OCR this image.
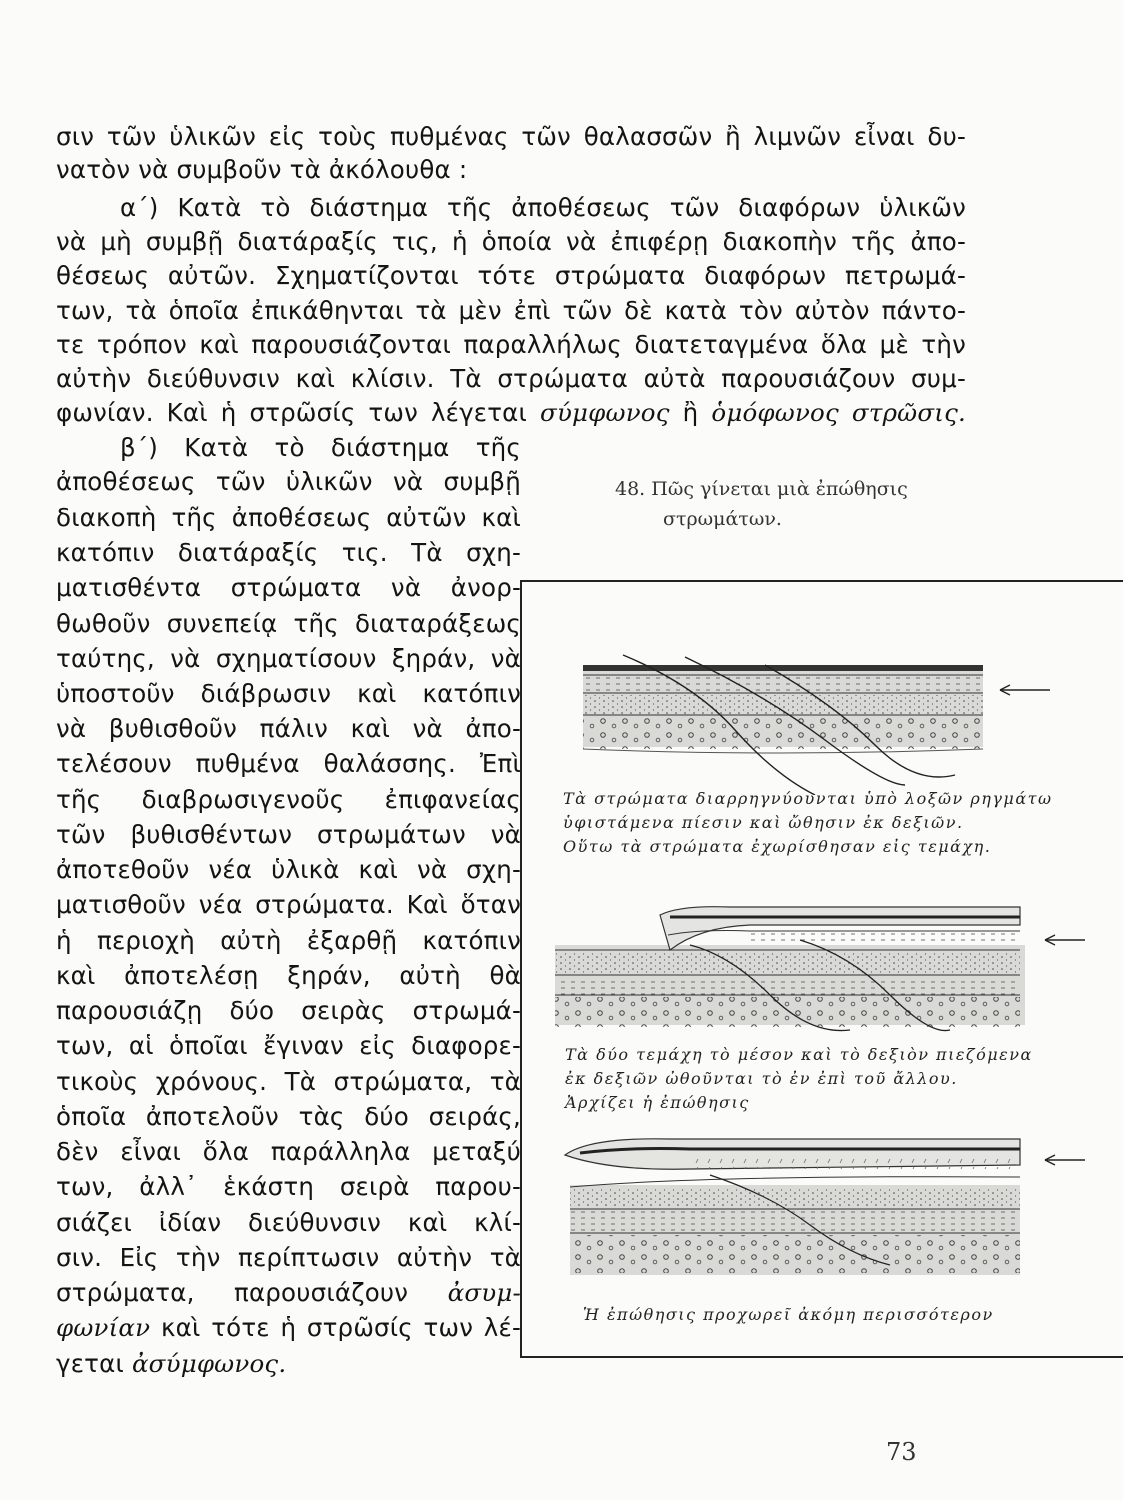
σιν τῶν ὑλικῶν εἰς τοὺς πυθμένας τῶν θαλασσῶν ἢ λιμνῶν εἶναι δυ-
νατὸν νὰ συμβοῦν τὰ ἀκόλουθα :
α΄) Κατὰ τὸ διάστημα τῆς ἀποθέσεως τῶν διαφόρων ὑλικῶν
νὰ μὴ συμβῇ διατάραξίς τις, ἡ ὁποία νὰ ἐπιφέρῃ διακοπὴν τῆς ἀπο-
θέσεως αὐτῶν. Σχηματίζονται τότε στρώματα διαφόρων πετρωμά-
των, τὰ ὁποῖα ἐπικάθηνται τὰ μὲν ἐπὶ τῶν δὲ κατὰ τὸν αὐτὸν πάντο-
τε τρόπον καὶ παρουσιάζονται παραλλήλως διατεταγμένα ὅλα μὲ τὴν
αὐτὴν διεύθυνσιν καὶ κλίσιν. Τὰ στρώματα αὐτὰ παρουσιάζουν συμ-
φωνίαν. Καὶ ἡ στρῶσίς των λέγεται σύμφωνος ἢ ὁμόφωνος στρῶσις.
β΄) Κατὰ τὸ διάστημα τῆς
ἀποθέσεως τῶν ὑλικῶν νὰ συμβῇ
διακοπὴ τῆς ἀποθέσεως αὐτῶν καὶ
κατόπιν διατάραξίς τις. Τὰ σχη-
ματισθέντα στρώματα νὰ ἀνορ-
θωθοῦν συνεπείᾳ τῆς διαταράξεως
ταύτης, νὰ σχηματίσουν ξηράν, νὰ
ὑποστοῦν διάβρωσιν καὶ κατόπιν
νὰ βυθισθοῦν πάλιν καὶ νὰ ἀπο-
τελέσουν πυθμένα θαλάσσης. Ἐπὶ
τῆς διαβρωσιγενοῦς ἐπιφανείας
τῶν βυθισθέντων στρωμάτων νὰ
ἀποτεθοῦν νέα ὑλικὰ καὶ νὰ σχη-
ματισθοῦν νέα στρώματα. Καὶ ὅταν
ἡ περιοχὴ αὐτὴ ἐξαρθῇ κατόπιν
καὶ ἀποτελέσῃ ξηράν, αὐτὴ θὰ
παρουσιάζῃ δύο σειρὰς στρωμά-
των, αἱ ὁποῖαι ἔγιναν εἰς διαφορε-
τικοὺς χρόνους. Τὰ στρώματα, τὰ
ὁποῖα ἀποτελοῦν τὰς δύο σειράς,
δὲν εἶναι ὅλα παράλληλα μεταξύ
των, ἀλλ᾽ ἑκάστη σειρὰ παρου-
σιάζει ἰδίαν διεύθυνσιν καὶ κλί-
σιν. Εἰς τὴν περίπτωσιν αὐτὴν τὰ
στρώματα, παρουσιάζουν ἀσυμ-
φωνίαν καὶ τότε ἡ στρῶσίς των λέ-
γεται ἀσύμφωνος.
48. Πῶς γίνεται μιὰ ἐπώθησις
στρωμάτων.
Τὰ στρώματα διαρρηγνύουνται ὑπὸ λοξῶν ρηγμάτω
ὑφιστάμενα πίεσιν καὶ ὤθησιν ἐκ δεξιῶν.
Οὕτω τὰ στρώματα ἐχωρίσθησαν εἰς τεμάχη.
Τὰ δύο τεμάχη τὸ μέσον καὶ τὸ δεξιὸν πιεζόμενα
ἐκ δεξιῶν ὠθοῦνται τὸ ἐν ἐπὶ τοῦ ἄλλου.
Ἀρχίζει ἡ ἐπώθησις
Ἡ ἐπώθησις προχωρεῖ ἀκόμη περισσότερον
73
